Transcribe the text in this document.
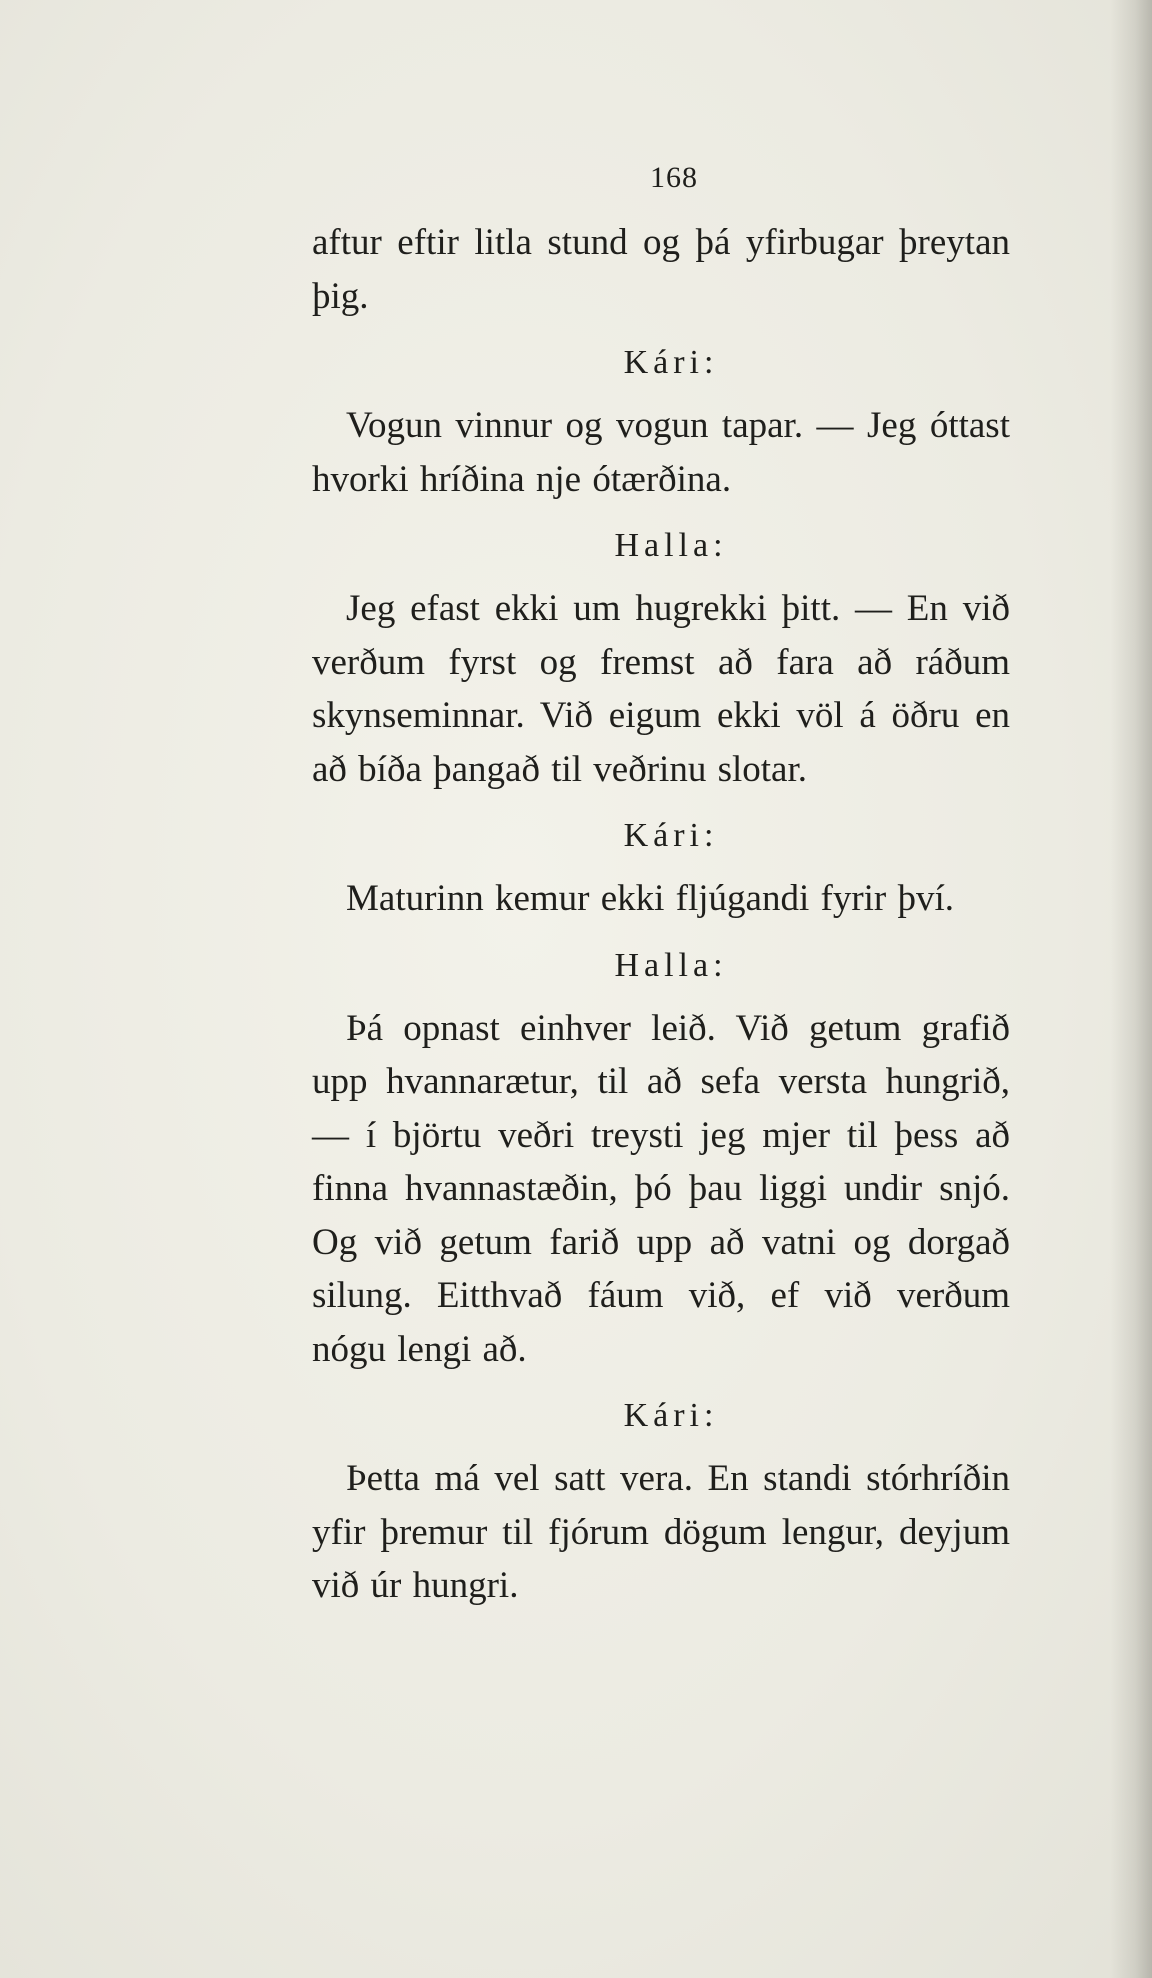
168

aftur eftir litla stund og þá yfirbugar þreytan þig.

Kári:

Vogun vinnur og vogun tapar. — Jeg óttast hvorki hríðina nje ótærðina.

Halla:

Jeg efast ekki um hugrekki þitt. — En við verðum fyrst og fremst að fara að ráðum skynseminnar. Við eigum ekki völ á öðru en að bíða þangað til veðrinu slotar.

Kári:

Maturinn kemur ekki fljúgandi fyrir því.

Halla:

Þá opnast einhver leið. Við getum grafið upp hvannarætur, til að sefa versta hungrið, — í björtu veðri treysti jeg mjer til þess að finna hvannastæðin, þó þau liggi undir snjó. Og við getum farið upp að vatni og dorgað silung. Eitthvað fáum við, ef við verðum nógu lengi að.

Kári:

Þetta má vel satt vera. En standi stórhríðin yfir þremur til fjórum dögum lengur, deyjum við úr hungri.
